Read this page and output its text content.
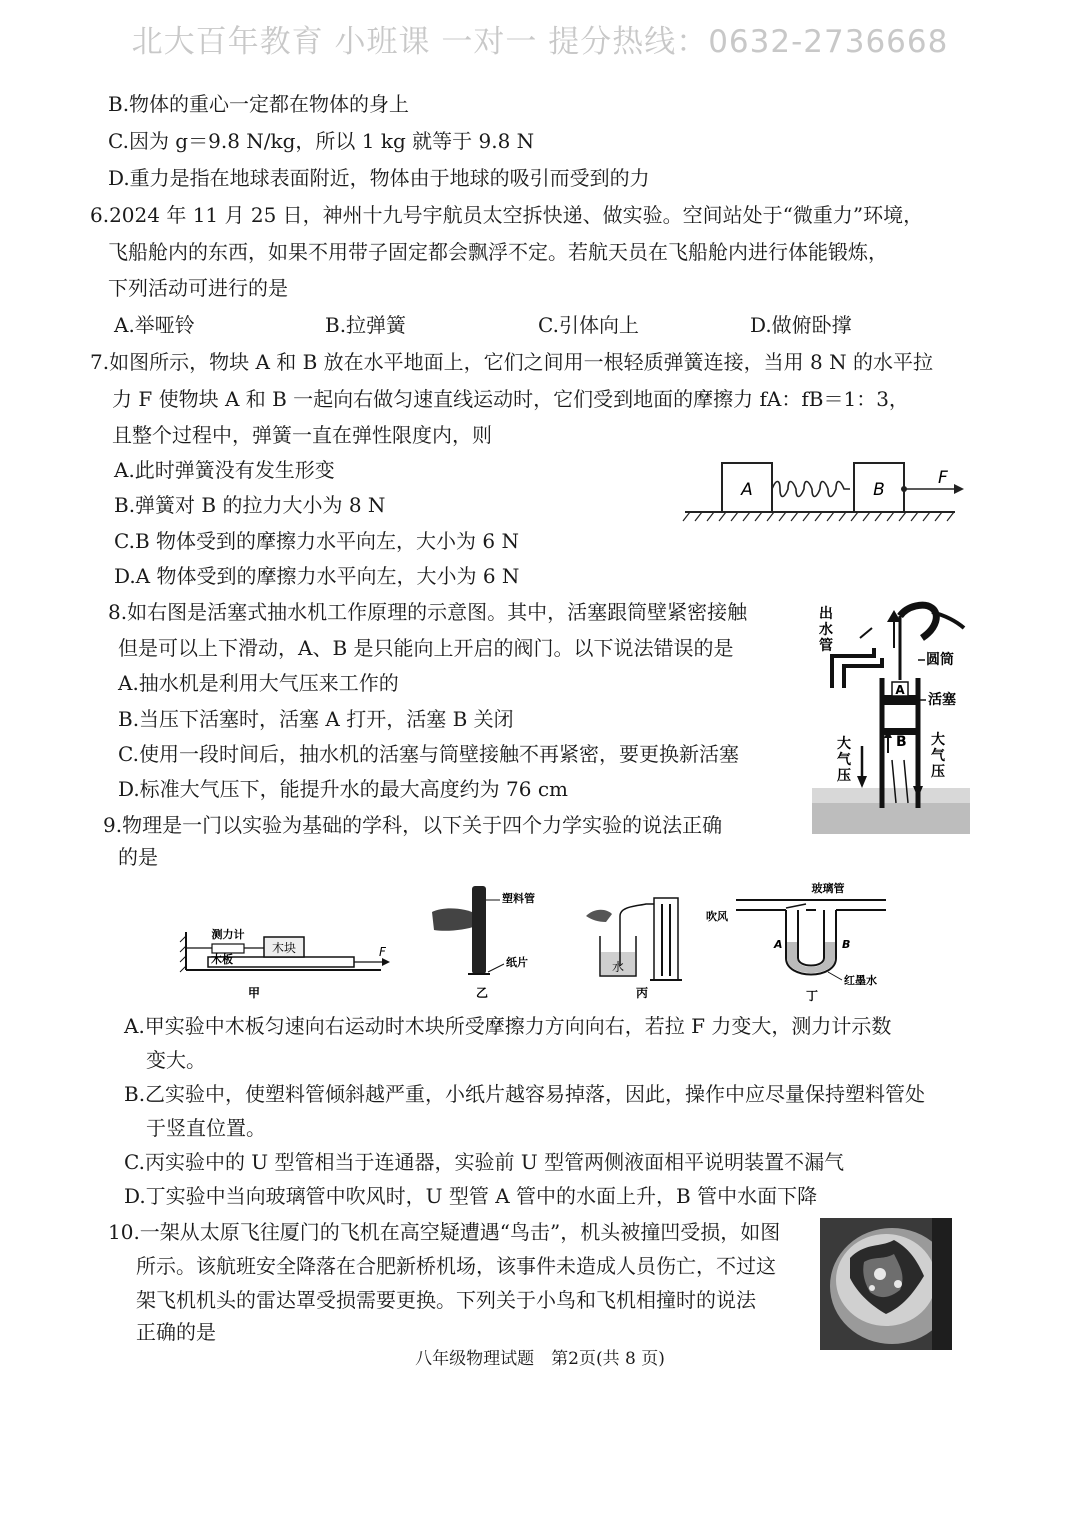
北大百年教育 小班课 一对一 提分热线：0632-2736668
B.物体的重心一定都在物体的身上
C.因为 g＝9.8 N/kg，所以 1 kg 就等于 9.8 N
D.重力是指在地球表面附近，物体由于地球的吸引而受到的力
6.2024 年 11 月 25 日，神州十九号宇航员太空拆快递、做实验。空间站处于“微重力”环境，
飞船舱内的东西，如果不用带子固定都会飘浮不定。若航天员在飞船舱内进行体能锻炼，
下列活动可进行的是
A.举哑铃	B.拉弹簧	C.引体向上	D.做俯卧撑
7.如图所示，物块 A 和 B 放在水平地面上，它们之间用一根轻质弹簧连接，当用 8 N 的水平拉
力 F 使物块 A 和 B 一起向右做匀速直线运动时，它们受到地面的摩擦力 fA：fB＝1：3，
且整个过程中，弹簧一直在弹性限度内，则
A.此时弹簧没有发生形变
B.弹簧对 B 的拉力大小为 8 N
C.B 物体受到的摩擦力水平向左，大小为 6 N
D.A 物体受到的摩擦力水平向左，大小为 6 N
A	B
F
8.如右图是活塞式抽水机工作原理的示意图。其中，活塞跟筒壁紧密接触
但是可以上下滑动，A、B 是只能向上开启的阀门。以下说法错误的是
A.抽水机是利用大气压来工作的
B.当压下活塞时，活塞 A 打开，活塞 B 关闭
C.使用一段时间后，抽水机的活塞与筒壁接触不再紧密，要更换新活塞
D.标准大气压下，能提升水的最大高度约为 76 cm
出
水
管
圆筒
A
活塞
B
大
气
压
大
气
压
9.物理是一门以实验为基础的学科，以下关于四个力学实验的说法正确
的是
木块
测力计
木板
F
甲
塑料管
纸片
乙
水
丙
玻璃管
吹风
A	B
红墨水
丁
A.甲实验中木板匀速向右运动时木块所受摩擦力方向向右，若拉 F 力变大，测力计示数
变大。
B.乙实验中，使塑料管倾斜越严重，小纸片越容易掉落，因此，操作中应尽量保持塑料管处
于竖直位置。
C.丙实验中的 U 型管相当于连通器，实验前 U 型管两侧液面相平说明装置不漏气
D.丁实验中当向玻璃管中吹风时，U 型管 A 管中的水面上升，B 管中水面下降
10.一架从太原飞往厦门的飞机在高空疑遭遇“鸟击”，机头被撞凹受损，如图
所示。该航班安全降落在合肥新桥机场，该事件未造成人员伤亡，不过这
架飞机机头的雷达罩受损需要更换。下列关于小鸟和飞机相撞时的说法
正确的是
八年级物理试题　第2页(共 8 页)
